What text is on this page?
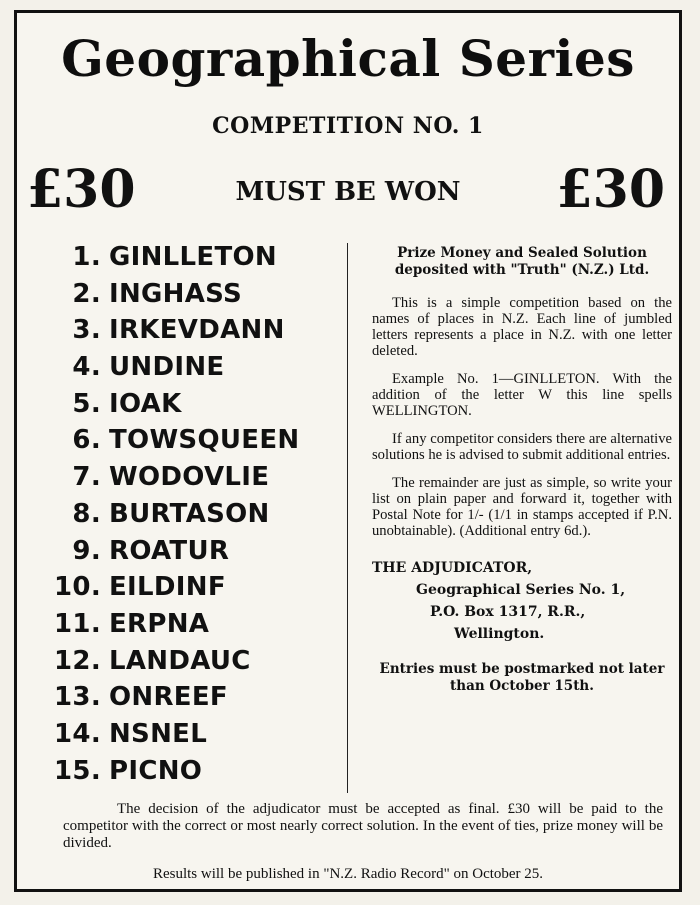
Geographical Series
COMPETITION NO. 1
£30	MUST BE WON	£30
1. GINLLETON
2. INGHASS
3. IRKEVDANN
4. UNDINE
5. IOAK
6. TOWSQUEEN
7. WODOVLIE
8. BURTASON
9. ROATUR
10. EILDINF
11. ERPNA
12. LANDAUC
13. ONREEF
14. NSNEL
15. PICNO
Prize Money and Sealed Solution deposited with "Truth" (N.Z.) Ltd.
This is a simple competition based on the names of places in N.Z. Each line of jumbled letters represents a place in N.Z. with one letter deleted.
Example No. 1—GINLLETON. With the addition of the letter W this line spells WELLINGTON.
If any competitor considers there are alternative solutions he is advised to submit additional entries.
The remainder are just as simple, so write your list on plain paper and forward it, together with Postal Note for 1/- (1/1 in stamps accepted if P.N. unobtainable). (Additional entry 6d.).
THE ADJUDICATOR,
Geographical Series No. 1,
P.O. Box 1317, R.R.,
Wellington.
Entries must be postmarked not later than October 15th.
The decision of the adjudicator must be accepted as final. £30 will be paid to the competitor with the correct or most nearly correct solution. In the event of ties, prize money will be divided.
Results will be published in "N.Z. Radio Record" on October 25.
